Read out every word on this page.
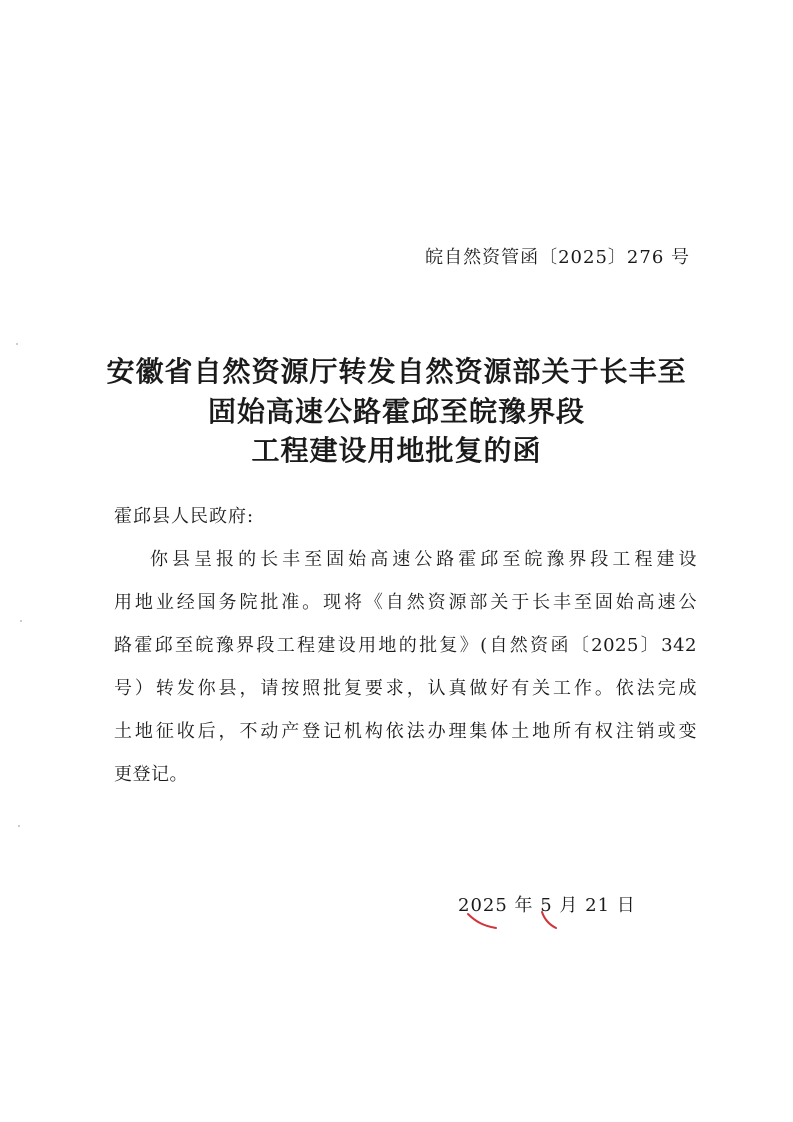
皖自然资管函〔2025〕276 号
安徽省自然资源厅转发自然资源部关于长丰至
固始高速公路霍邱至皖豫界段
工程建设用地批复的函
霍邱县人民政府:
你县呈报的长丰至固始高速公路霍邱至皖豫界段工程建设
用地业经国务院批准。现将《自然资源部关于长丰至固始高速公
路霍邱至皖豫界段工程建设用地的批复》(自然资函〔2025〕342
号）转发你县，请按照批复要求，认真做好有关工作。依法完成
土地征收后，不动产登记机构依法办理集体土地所有权注销或变
更登记。
2025 年 5 月 21 日
